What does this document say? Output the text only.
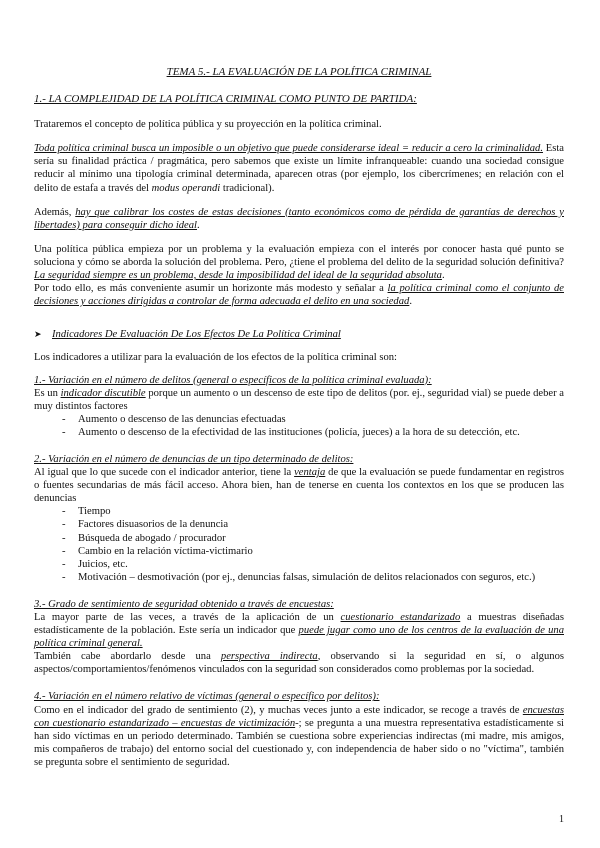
TEMA 5.- LA EVALUACIÓN DE LA POLÍTICA CRIMINAL

1.- LA COMPLEJIDAD DE LA POLÍTICA CRIMINAL COMO PUNTO DE PARTIDA:

Trataremos el concepto de política pública y su proyección en la política criminal.

Toda política criminal busca un imposible o un objetivo que puede considerarse ideal = reducir a cero la criminalidad. Esta sería su finalidad práctica / pragmática, pero sabemos que existe un límite infranqueable: cuando una sociedad consigue reducir al mínimo una tipología criminal determinada, aparecen otras (por ejemplo, los cibercrímenes; en relación con el delito de estafa a través del modus operandi tradicional).

Además, hay que calibrar los costes de estas decisiones (tanto económicos como de pérdida de garantías de derechos y libertades) para conseguir dicho ideal.

Una política pública empieza por un problema y la evaluación empieza con el interés por conocer hasta qué punto se soluciona y cómo se aborda la solución del problema. Pero, ¿tiene el problema del delito de la seguridad solución definitiva? La seguridad siempre es un problema, desde la imposibilidad del ideal de la seguridad absoluta.

Por todo ello, es más conveniente asumir un horizonte más modesto y señalar a la política criminal como el conjunto de decisiones y acciones dirigidas a controlar de forma adecuada el delito en una sociedad.

➤ Indicadores De Evaluación De Los Efectos De La Política Criminal

Los indicadores a utilizar para la evaluación de los efectos de la política criminal son:

1.- Variación en el número de delitos (general o específicos de la política criminal evaluada):

Es un indicador discutible porque un aumento o un descenso de este tipo de delitos (por. ej., seguridad vial) se puede deber a muy distintos factores

- Aumento o descenso de las denuncias efectuadas
- Aumento o descenso de la efectividad de las instituciones (policía, jueces) a la hora de su detección, etc.

2.- Variación en el número de denuncias de un tipo determinado de delitos:

Al igual que lo que sucede con el indicador anterior, tiene la ventaja de que la evaluación se puede fundamentar en registros o fuentes secundarias de más fácil acceso. Ahora bien, han de tenerse en cuenta los contextos en los que se producen las denuncias

- Tiempo
- Factores disuasorios de la denuncia
- Búsqueda de abogado / procurador
- Cambio en la relación víctima-victimario
- Juicios, etc.
- Motivación – desmotivación (por ej., denuncias falsas, simulación de delitos relacionados con seguros, etc.)

3.- Grado de sentimiento de seguridad obtenido a través de encuestas:

La mayor parte de las veces, a través de la aplicación de un cuestionario estandarizado a muestras diseñadas estadísticamente de la población. Este sería un indicador que puede jugar como uno de los centros de la evaluación de una política criminal general.

También cabe abordarlo desde una perspectiva indirecta, observando si la seguridad en sí, o algunos aspectos/comportamientos/fenómenos vinculados con la seguridad son considerados como problemas por la sociedad.

4.- Variación en el número relativo de víctimas (general o específico por delitos):

Como en el indicador del grado de sentimiento (2), y muchas veces junto a este indicador, se recoge a través de encuestas con cuestionario estandarizado – encuestas de victimización-; se pregunta a una muestra representativa estadísticamente si han sido víctimas en un periodo determinado. También se cuestiona sobre experiencias indirectas (mi madre, mis amigos, mis compañeros de trabajo) del entorno social del cuestionado y, con independencia de haber sido o no "víctima", también se pregunta sobre el sentimiento de seguridad.

1
